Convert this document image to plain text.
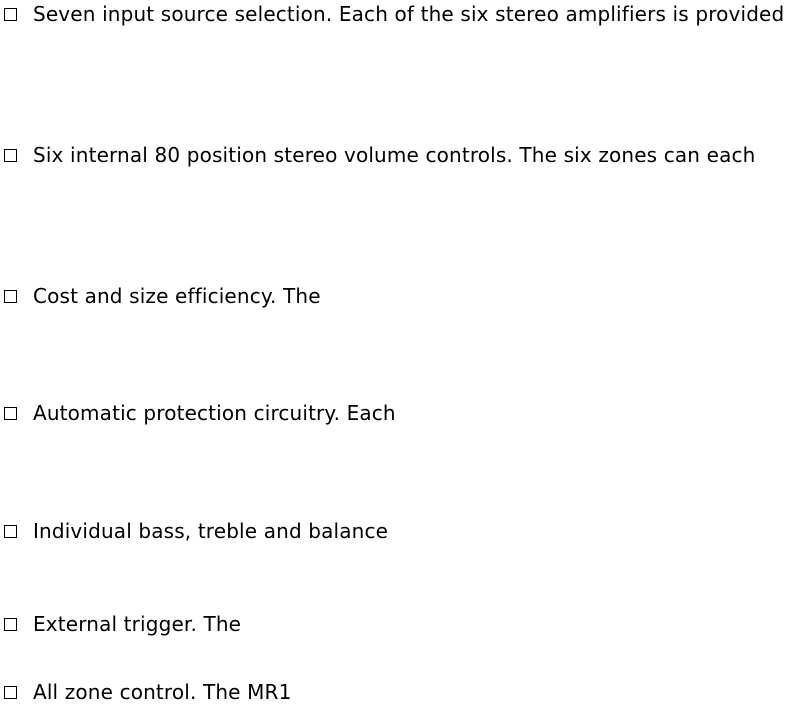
Seven input source selection. Each of the six stereo amplifiers is provided
Six internal 80 position stereo volume controls. The six zones can each
Cost and size efficiency. The
Automatic protection circuitry. Each
Individual bass, treble and balance
External trigger. The
All zone control. The MR1
